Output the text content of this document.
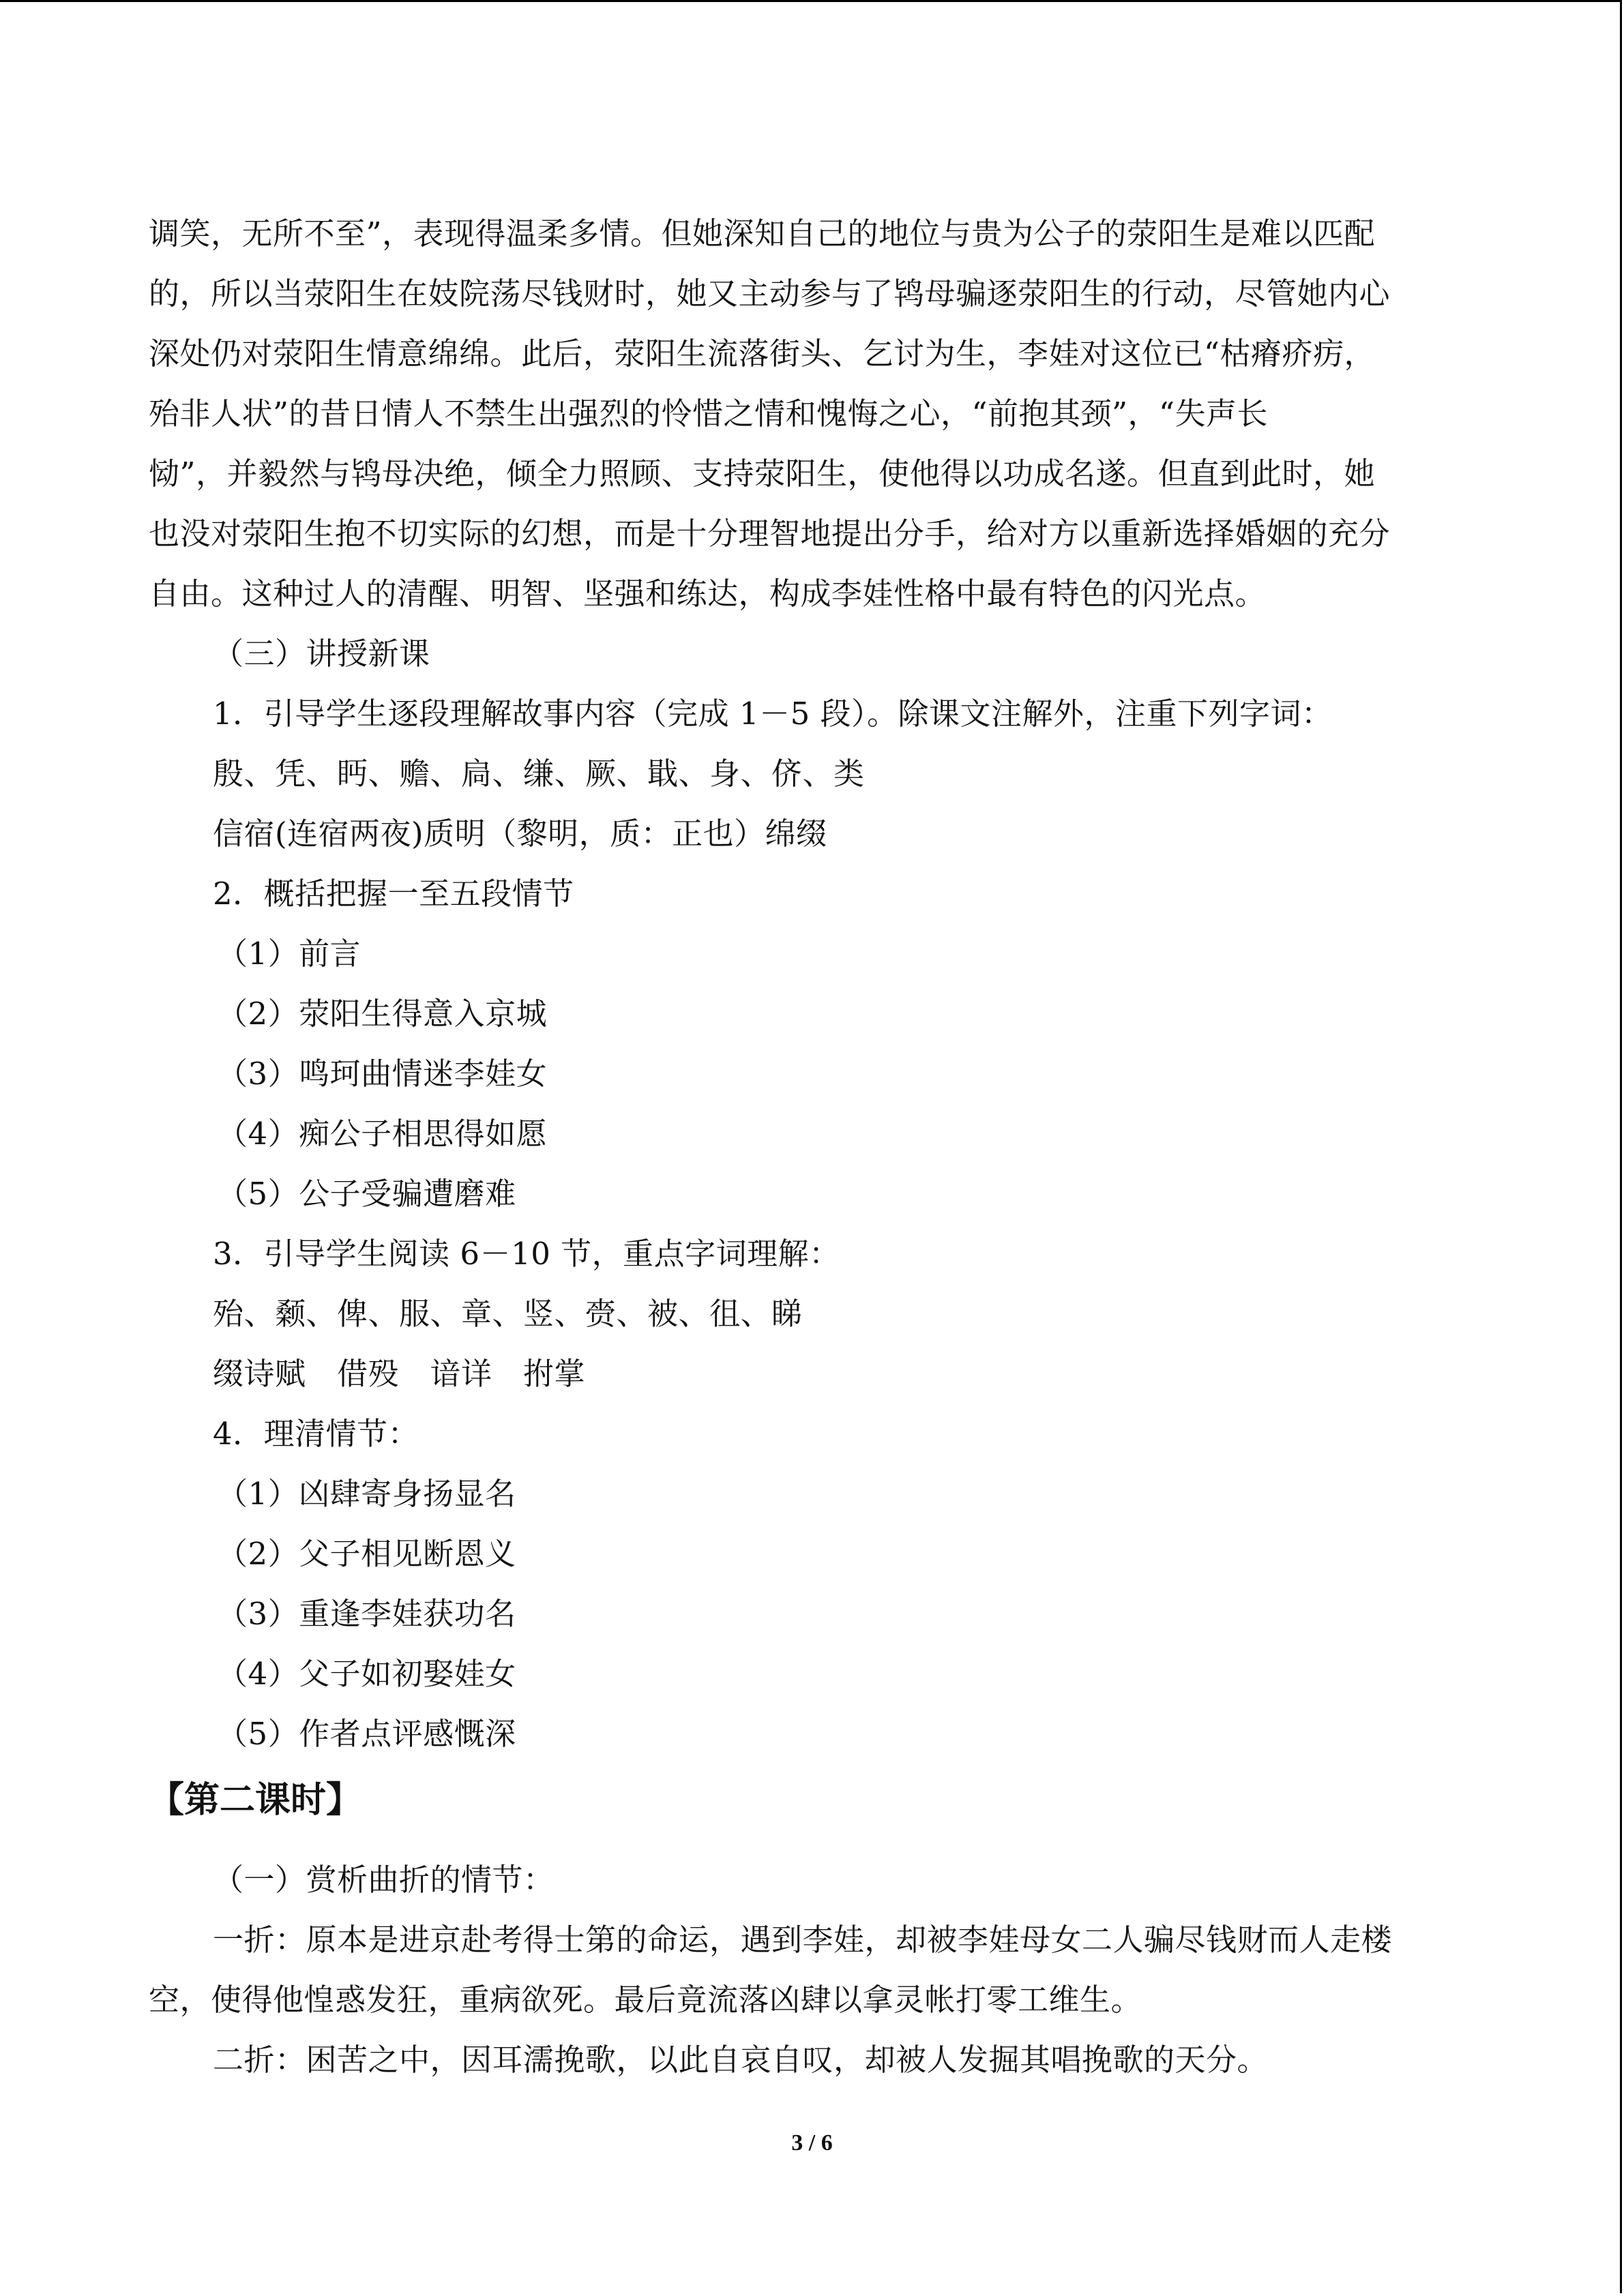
调笑，无所不至”，表现得温柔多情。但她深知自己的地位与贵为公子的荥阳生是难以匹配
的，所以当荥阳生在妓院荡尽钱财时，她又主动参与了鸨母骗逐荥阳生的行动，尽管她内心
深处仍对荥阳生情意绵绵。此后，荥阳生流落街头、乞讨为生，李娃对这位已“枯瘠疥疠，
殆非人状”的昔日情人不禁生出强烈的怜惜之情和愧悔之心，“前抱其颈”，“失声长
恸”，并毅然与鸨母决绝，倾全力照顾、支持荥阳生，使他得以功成名遂。但直到此时，她
也没对荥阳生抱不切实际的幻想，而是十分理智地提出分手，给对方以重新选择婚姻的充分
自由。这种过人的清醒、明智、坚强和练达，构成李娃性格中最有特色的闪光点。
（三）讲授新课
1．引导学生逐段理解故事内容（完成 1－5 段）。除课文注解外，注重下列字词：
殷、凭、眄、赡、扃、缣、厥、戢、身、侪、类
信宿(连宿两夜)质明（黎明，质：正也）绵缀
2．概括把握一至五段情节
（1）前言
（2）荥阳生得意入京城
（3）鸣珂曲情迷李娃女
（4）痴公子相思得如愿
（5）公子受骗遭磨难
3．引导学生阅读 6－10 节，重点字词理解：
殆、颡、俾、服、章、竖、赍、被、徂、睇
缀诗赋　借殁　谙详　拊掌
4．理清情节：
（1）凶肆寄身扬显名
（2）父子相见断恩义
（3）重逢李娃获功名
（4）父子如初娶娃女
（5）作者点评感慨深
【第二课时】
（一）赏析曲折的情节：
一折：原本是进京赴考得士第的命运，遇到李娃，却被李娃母女二人骗尽钱财而人走楼
空，使得他惶惑发狂，重病欲死。最后竟流落凶肆以拿灵帐打零工维生。
二折：困苦之中，因耳濡挽歌，以此自哀自叹，却被人发掘其唱挽歌的天分。
3 / 6
